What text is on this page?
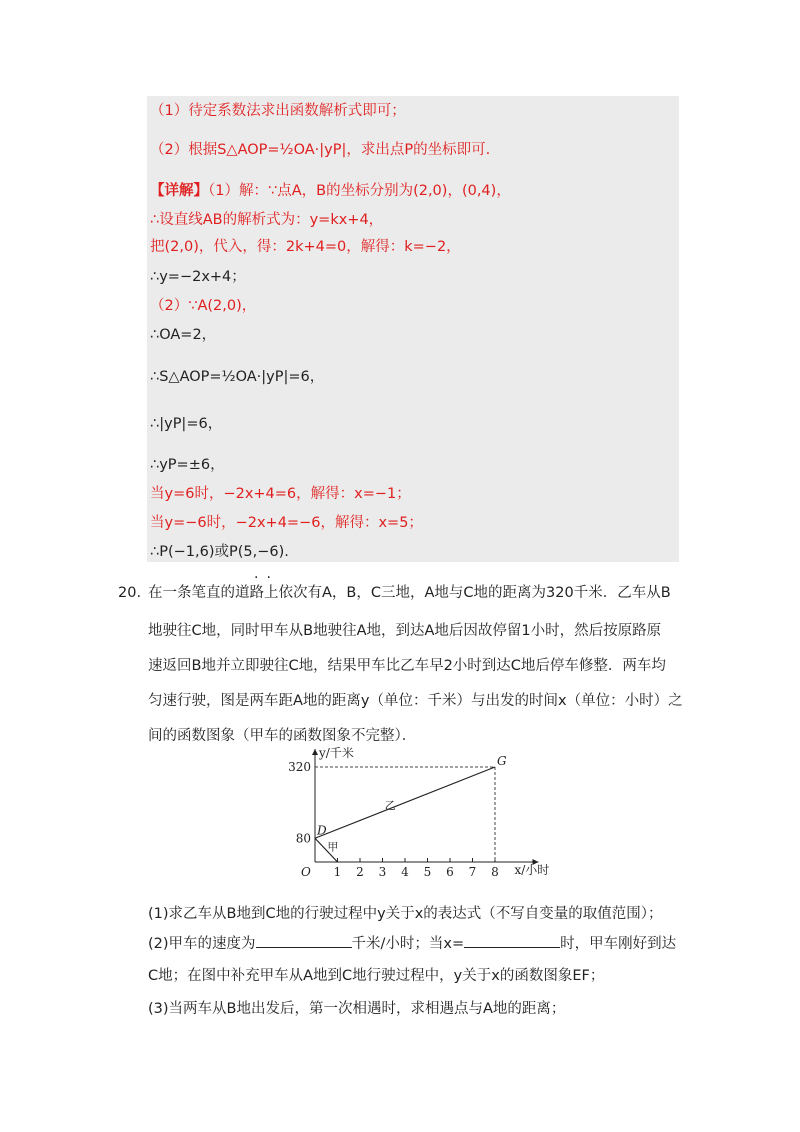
（1）待定系数法求出函数解析式即可；
（2）根据S△AOP=½OA·|yP|，求出点P的坐标即可.
【详解】（1）解：∵点A，B的坐标分别为(2,0)，(0,4)，
∴设直线AB的解析式为：y=kx+4，
把(2,0)，代入，得：2k+4=0，解得：k=−2，
∴y=−2x+4；
（2）∵A(2,0)，
∴OA=2，
∴S△AOP=½OA·|yP|=6，
∴|yP|=6，
∴yP=±6，
当y=6时，−2x+4=6，解得：x=−1；
当y=−6时，−2x+4=−6，解得：x=5；
∴P(−1,6)或P(5,−6).
··
20. 在一条笔直的道路上依次有A，B，C三地，A地与C地的距离为320千米．乙车从B
地驶往C地，同时甲车从B地驶往A地，到达A地后因故停留1小时，然后按原路原
速返回B地并立即驶往C地，结果甲车比乙车早2小时到达C地后停车修整．两车均
匀速行驶，图是两车距A地的距离y（单位：千米）与出发的时间x（单位：小时）之
间的函数图象（甲车的函数图象不完整）．
1 2 3 4 5 6 7 8
80
320
O
乙
甲
D
G
y/千米
x/小时
(1)求乙车从B地到C地的行驶过程中y关于x的表达式（不写自变量的取值范围）；
(2)甲车的速度为	千米/小时；当x=	时，甲车刚好到达
C地；在图中补充甲车从A地到C地行驶过程中，y关于x的函数图象EF；
(3)当两车从B地出发后，第一次相遇时，求相遇点与A地的距离；
